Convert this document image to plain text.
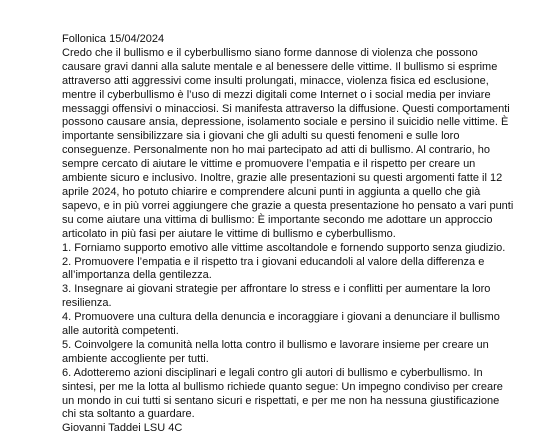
Follonica 15/04/2024
Credo che il bullismo e il cyberbullismo siano forme dannose di violenza che possono
causare gravi danni alla salute mentale e al benessere delle vittime. Il bullismo si esprime
attraverso atti aggressivi come insulti prolungati, minacce, violenza fisica ed esclusione,
mentre il cyberbullismo è l’uso di mezzi digitali come Internet o i social media per inviare
messaggi offensivi o minacciosi. Si manifesta attraverso la diffusione. Questi comportamenti
possono causare ansia, depressione, isolamento sociale e persino il suicidio nelle vittime. È
importante sensibilizzare sia i giovani che gli adulti su questi fenomeni e sulle loro
conseguenze. Personalmente non ho mai partecipato ad atti di bullismo. Al contrario, ho
sempre cercato di aiutare le vittime e promuovere l’empatia e il rispetto per creare un
ambiente sicuro e inclusivo. Inoltre, grazie alle presentazioni su questi argomenti fatte il 12
aprile 2024, ho potuto chiarire e comprendere alcuni punti in aggiunta a quello che già
sapevo, e in più vorrei aggiungere che grazie a questa presentazione ho pensato a vari punti
su come aiutare una vittima di bullismo: È importante secondo me adottare un approccio
articolato in più fasi per aiutare le vittime di bullismo e cyberbullismo.
1. Forniamo supporto emotivo alle vittime ascoltandole e fornendo supporto senza giudizio.
2. Promuovere l’empatia e il rispetto tra i giovani educandoli al valore della differenza e
all’importanza della gentilezza.
3. Insegnare ai giovani strategie per affrontare lo stress e i conflitti per aumentare la loro
resilienza.
4. Promuovere una cultura della denuncia e incoraggiare i giovani a denunciare il bullismo
alle autorità competenti.
5. Coinvolgere la comunità nella lotta contro il bullismo e lavorare insieme per creare un
ambiente accogliente per tutti.
6. Adotteremo azioni disciplinari e legali contro gli autori di bullismo e cyberbullismo. In
sintesi, per me la lotta al bullismo richiede quanto segue: Un impegno condiviso per creare
un mondo in cui tutti si sentano sicuri e rispettati, e per me non ha nessuna giustificazione
chi sta soltanto a guardare.
Giovanni Taddei LSU 4C
